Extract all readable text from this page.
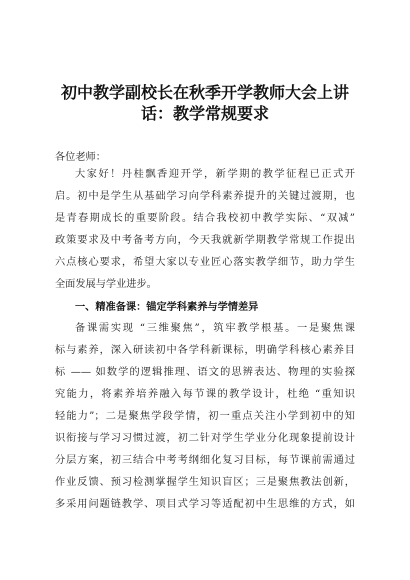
初中教学副校长在秋季开学教师大会上讲
话：教学常规要求
各位老师：
大家好！丹桂飘香迎开学，新学期的教学征程已正式开
启。初中是学生从基础学习向学科素养提升的关键过渡期，也
是青春期成长的重要阶段。结合我校初中教学实际、“双减”
政策要求及中考备考方向，今天我就新学期教学常规工作提出
六点核心要求，希望大家以专业匠心落实教学细节，助力学生
全面发展与学业进步。
一、精准备课：锚定学科素养与学情差异
备课需实现 “三维聚焦”，筑牢教学根基。一是聚焦课
标与素养，深入研读初中各学科新课标，明确学科核心素养目
标 —— 如数学的逻辑推理、语文的思辨表达、物理的实验探
究能力，将素养培养融入每节课的教学设计，杜绝 “重知识
轻能力”；二是聚焦学段学情，初一重点关注小学到初中的知
识衔接与学习习惯过渡，初二针对学生学业分化现象提前设计
分层方案，初三结合中考考纲细化复习目标，每节课前需通过
作业反馈、预习检测掌握学生知识盲区；三是聚焦教法创新，
多采用问题链教学、项目式学习等适配初中生思维的方式，如
